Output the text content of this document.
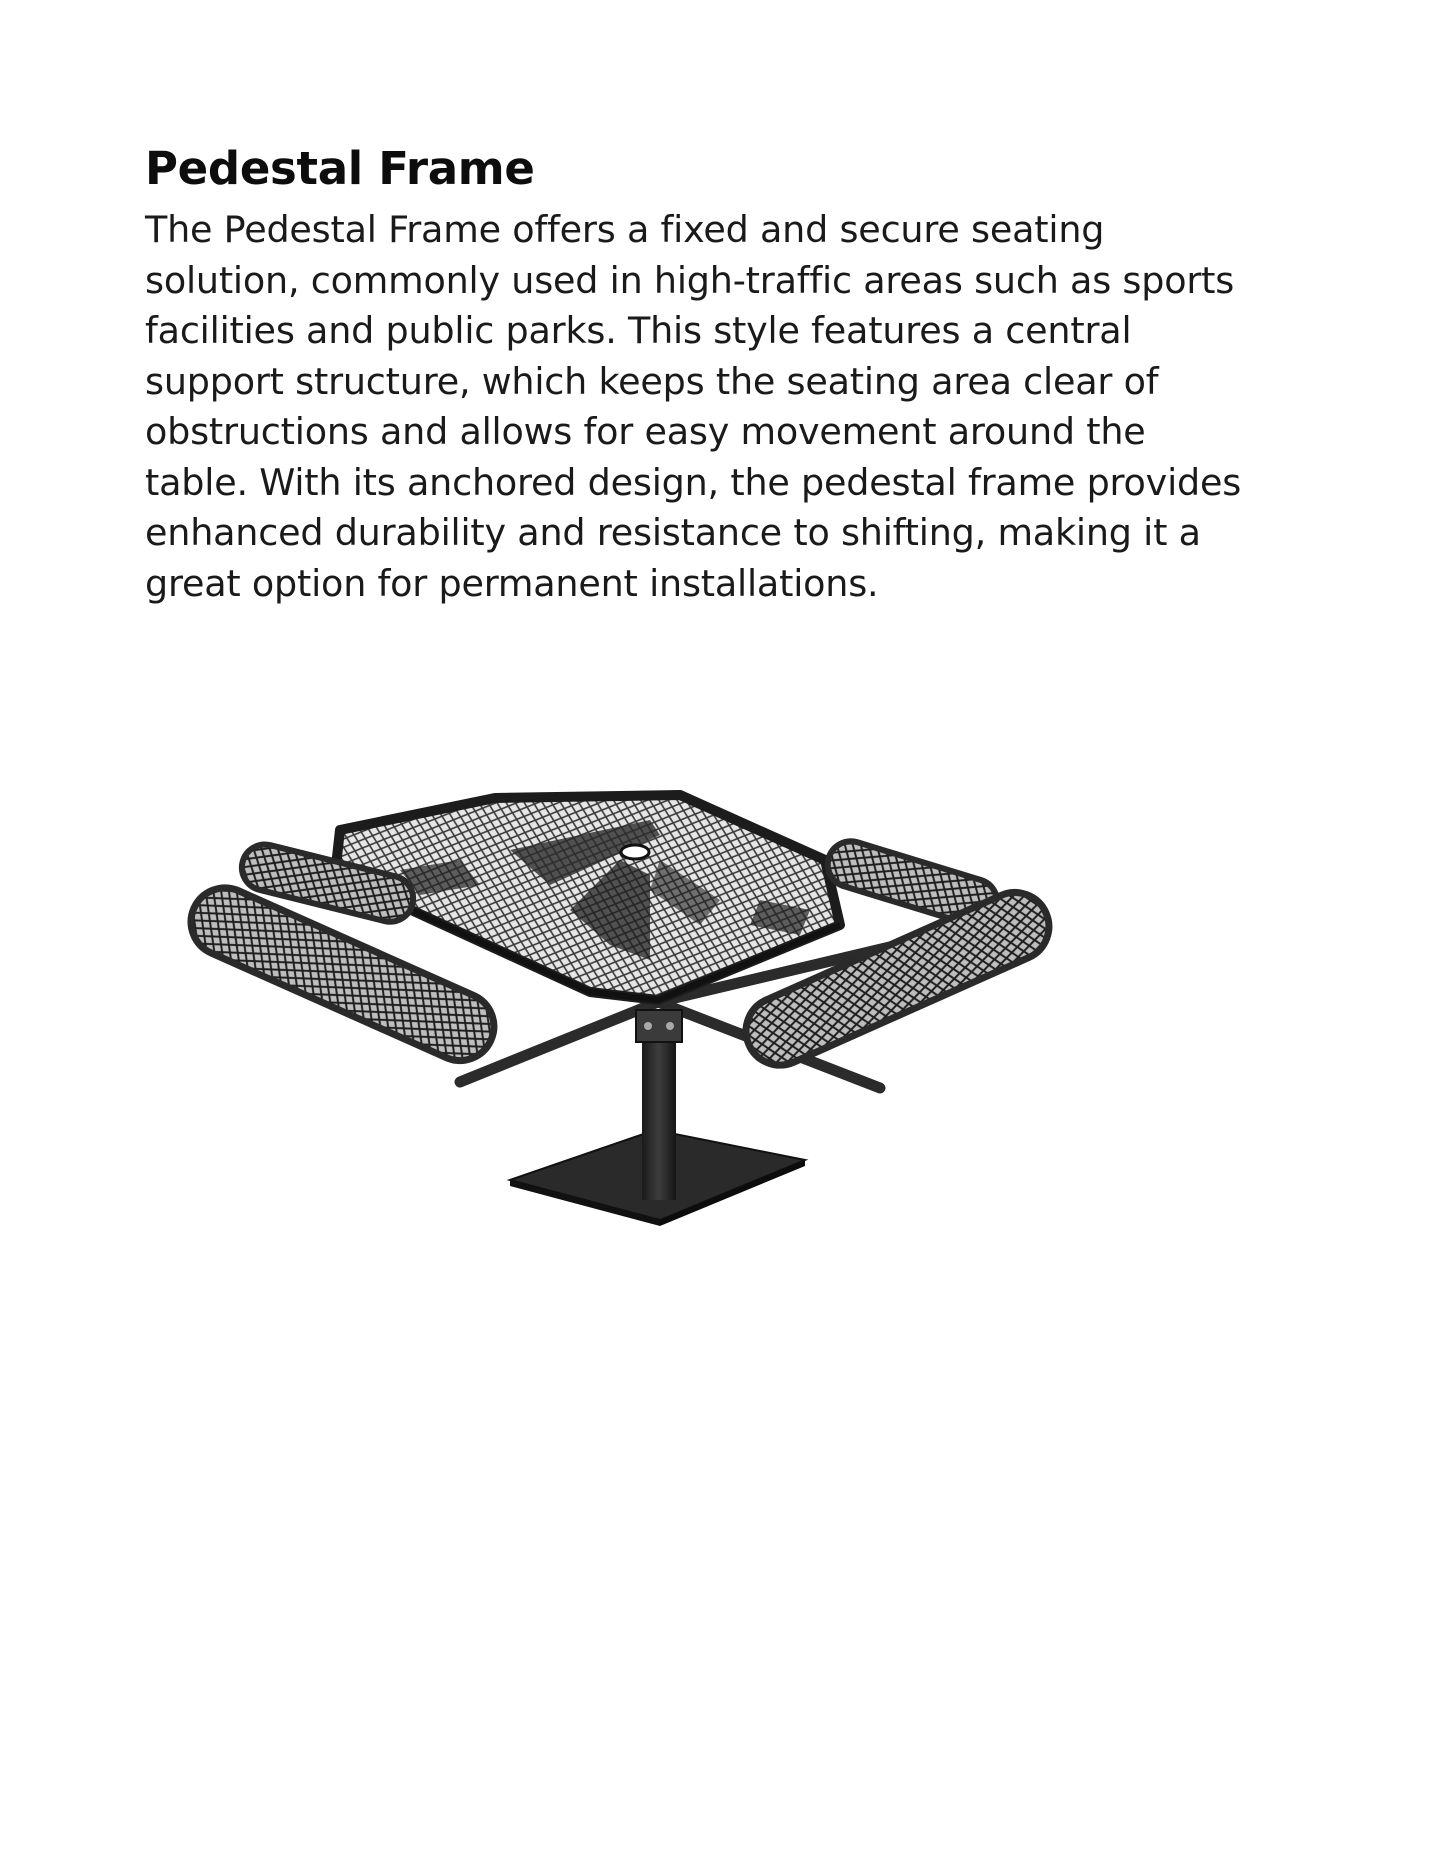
Pedestal Frame

The Pedestal Frame offers a fixed and secure seating
solution, commonly used in high-traffic areas such as sports
facilities and public parks. This style features a central
support structure, which keeps the seating area clear of
obstructions and allows for easy movement around the
table. With its anchored design, the pedestal frame provides
enhanced durability and resistance to shifting, making it a
great option for permanent installations.
